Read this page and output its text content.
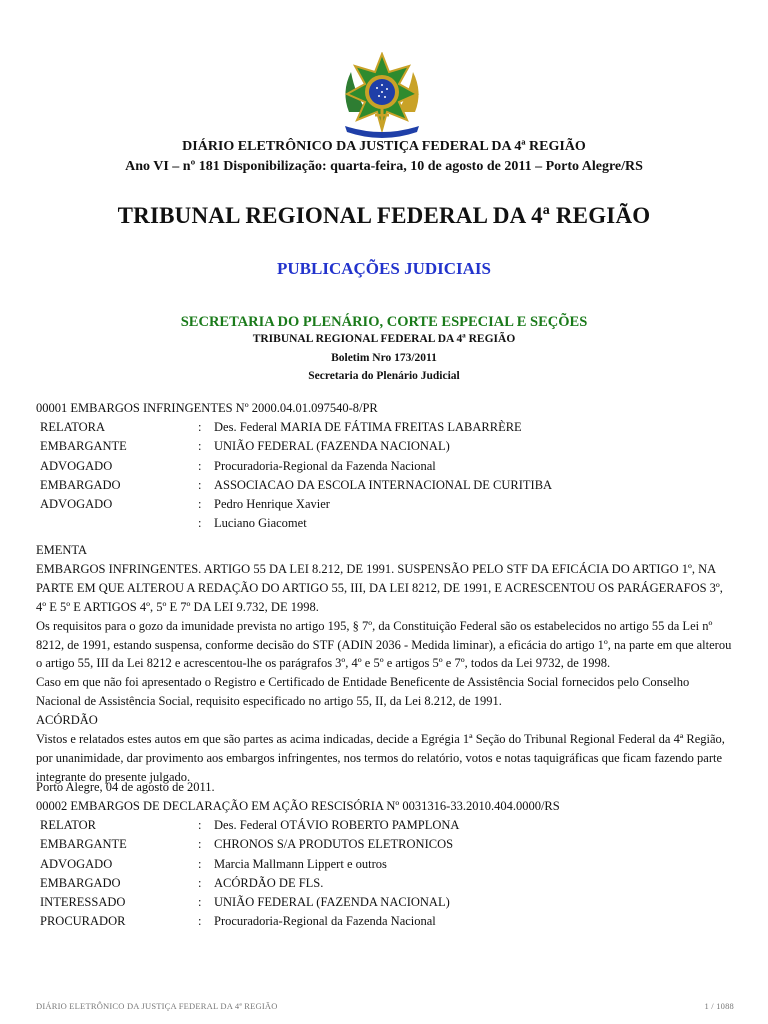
DIÁRIO ELETRÔNICO DA JUSTIÇA FEDERAL DA 4ª REGIÃO
Ano VI – nº 181 Disponibilização: quarta-feira, 10 de agosto de 2011 – Porto Alegre/RS
TRIBUNAL REGIONAL FEDERAL DA 4ª REGIÃO
PUBLICAÇÕES JUDICIAIS
SECRETARIA DO PLENÁRIO, CORTE ESPECIAL E SEÇÕES
TRIBUNAL REGIONAL FEDERAL DA 4ª REGIÃO
Boletim Nro 173/2011
Secretaria do Plenário Judicial
00001 EMBARGOS INFRINGENTES Nº 2000.04.01.097540-8/PR
RELATORA	: Des. Federal MARIA DE FÁTIMA FREITAS LABARRÈRE
EMBARGANTE	: UNIÃO FEDERAL (FAZENDA NACIONAL)
ADVOGADO	: Procuradoria-Regional da Fazenda Nacional
EMBARGADO	: ASSOCIACAO DA ESCOLA INTERNACIONAL DE CURITIBA
ADVOGADO	: Pedro Henrique Xavier
: Luciano Giacomet

EMENTA

EMBARGOS INFRINGENTES. ARTIGO 55 DA LEI 8.212, DE 1991. SUSPENSÃO PELO STF DA EFICÁCIA DO ARTIGO 1º, NA PARTE EM QUE ALTEROU A REDAÇÃO DO ARTIGO 55, III, DA LEI 8212, DE 1991, E ACRESCENTOU OS PARÁGERAFOS 3º, 4º E 5º E ARTIGOS 4º, 5º E 7º DA LEI 9.732, DE 1998.

Os requisitos para o gozo da imunidade prevista no artigo 195, § 7º, da Constituição Federal são os estabelecidos no artigo 55 da Lei nº 8212, de 1991, estando suspensa, conforme decisão do STF (ADIN 2036 - Medida liminar), a eficácia do artigo 1º, na parte em que alterou o artigo 55, III da Lei 8212 e acrescentou-lhe os parágrafos 3º, 4º e 5º e artigos 5º e 7º, todos da Lei 9732, de 1998.

Caso em que não foi apresentado o Registro e Certificado de Entidade Beneficente de Assistência Social fornecidos pelo Conselho Nacional de Assistência Social, requisito especificado no artigo 55, II, da Lei 8.212, de 1991.

ACÓRDÃO

Vistos e relatados estes autos em que são partes as acima indicadas, decide a Egrégia 1ª Seção do Tribunal Regional Federal da 4ª Região, por unanimidade, dar provimento aos embargos infringentes, nos termos do relatório, votos e notas taquigráficas que ficam fazendo parte integrante do presente julgado.

Porto Alegre, 04 de agosto de 2011.
00002 EMBARGOS DE DECLARAÇÃO EM AÇÃO RESCISÓRIA Nº 0031316-33.2010.404.0000/RS
RELATOR	: Des. Federal OTÁVIO ROBERTO PAMPLONA
EMBARGANTE	: CHRONOS S/A PRODUTOS ELETRONICOS
ADVOGADO	: Marcia Mallmann Lippert e outros
EMBARGADO	: ACÓRDÃO DE FLS.
INTERESSADO	: UNIÃO FEDERAL (FAZENDA NACIONAL)
PROCURADOR	: Procuradoria-Regional da Fazenda Nacional
DIÁRIO ELETRÔNICO DA JUSTIÇA FEDERAL DA 4ª REGIÃO	1 / 1088
